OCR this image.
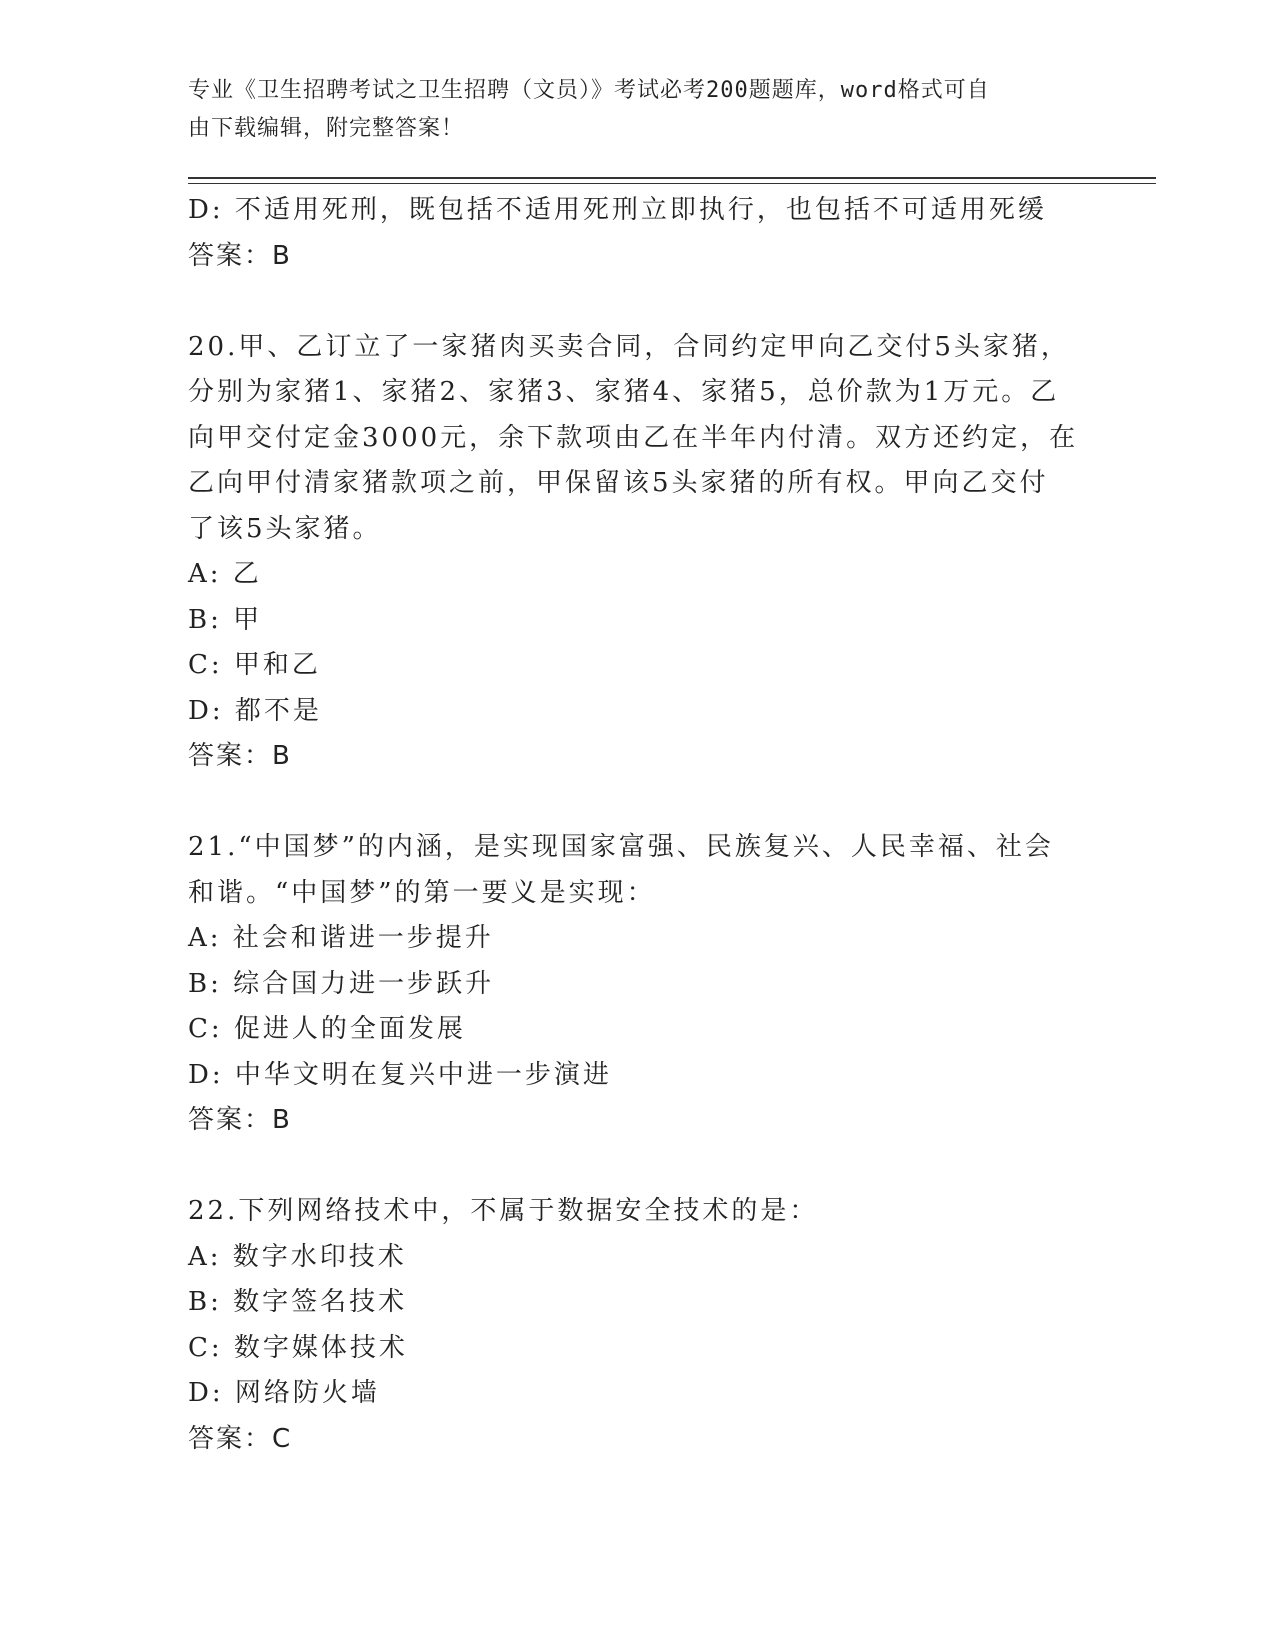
专业《卫生招聘考试之卫生招聘（文员）》考试必考200题题库，word格式可自
由下载编辑，附完整答案！
D: 不适用死刑，既包括不适用死刑立即执行，也包括不可适用死缓
答案：B
20.甲、乙订立了一家猪肉买卖合同，合同约定甲向乙交付5头家猪，
分别为家猪1、家猪2、家猪3、家猪4、家猪5，总价款为1万元。乙
向甲交付定金3000元，余下款项由乙在半年内付清。双方还约定，在
乙向甲付清家猪款项之前，甲保留该5头家猪的所有权。甲向乙交付
了该5头家猪。
A: 乙
B: 甲
C: 甲和乙
D: 都不是
答案：B
21.“中国梦”的内涵，是实现国家富强、民族复兴、人民幸福、社会
和谐。“中国梦”的第一要义是实现：
A: 社会和谐进一步提升
B: 综合国力进一步跃升
C: 促进人的全面发展
D: 中华文明在复兴中进一步演进
答案：B
22.下列网络技术中，不属于数据安全技术的是：
A: 数字水印技术
B: 数字签名技术
C: 数字媒体技术
D: 网络防火墙
答案：C
